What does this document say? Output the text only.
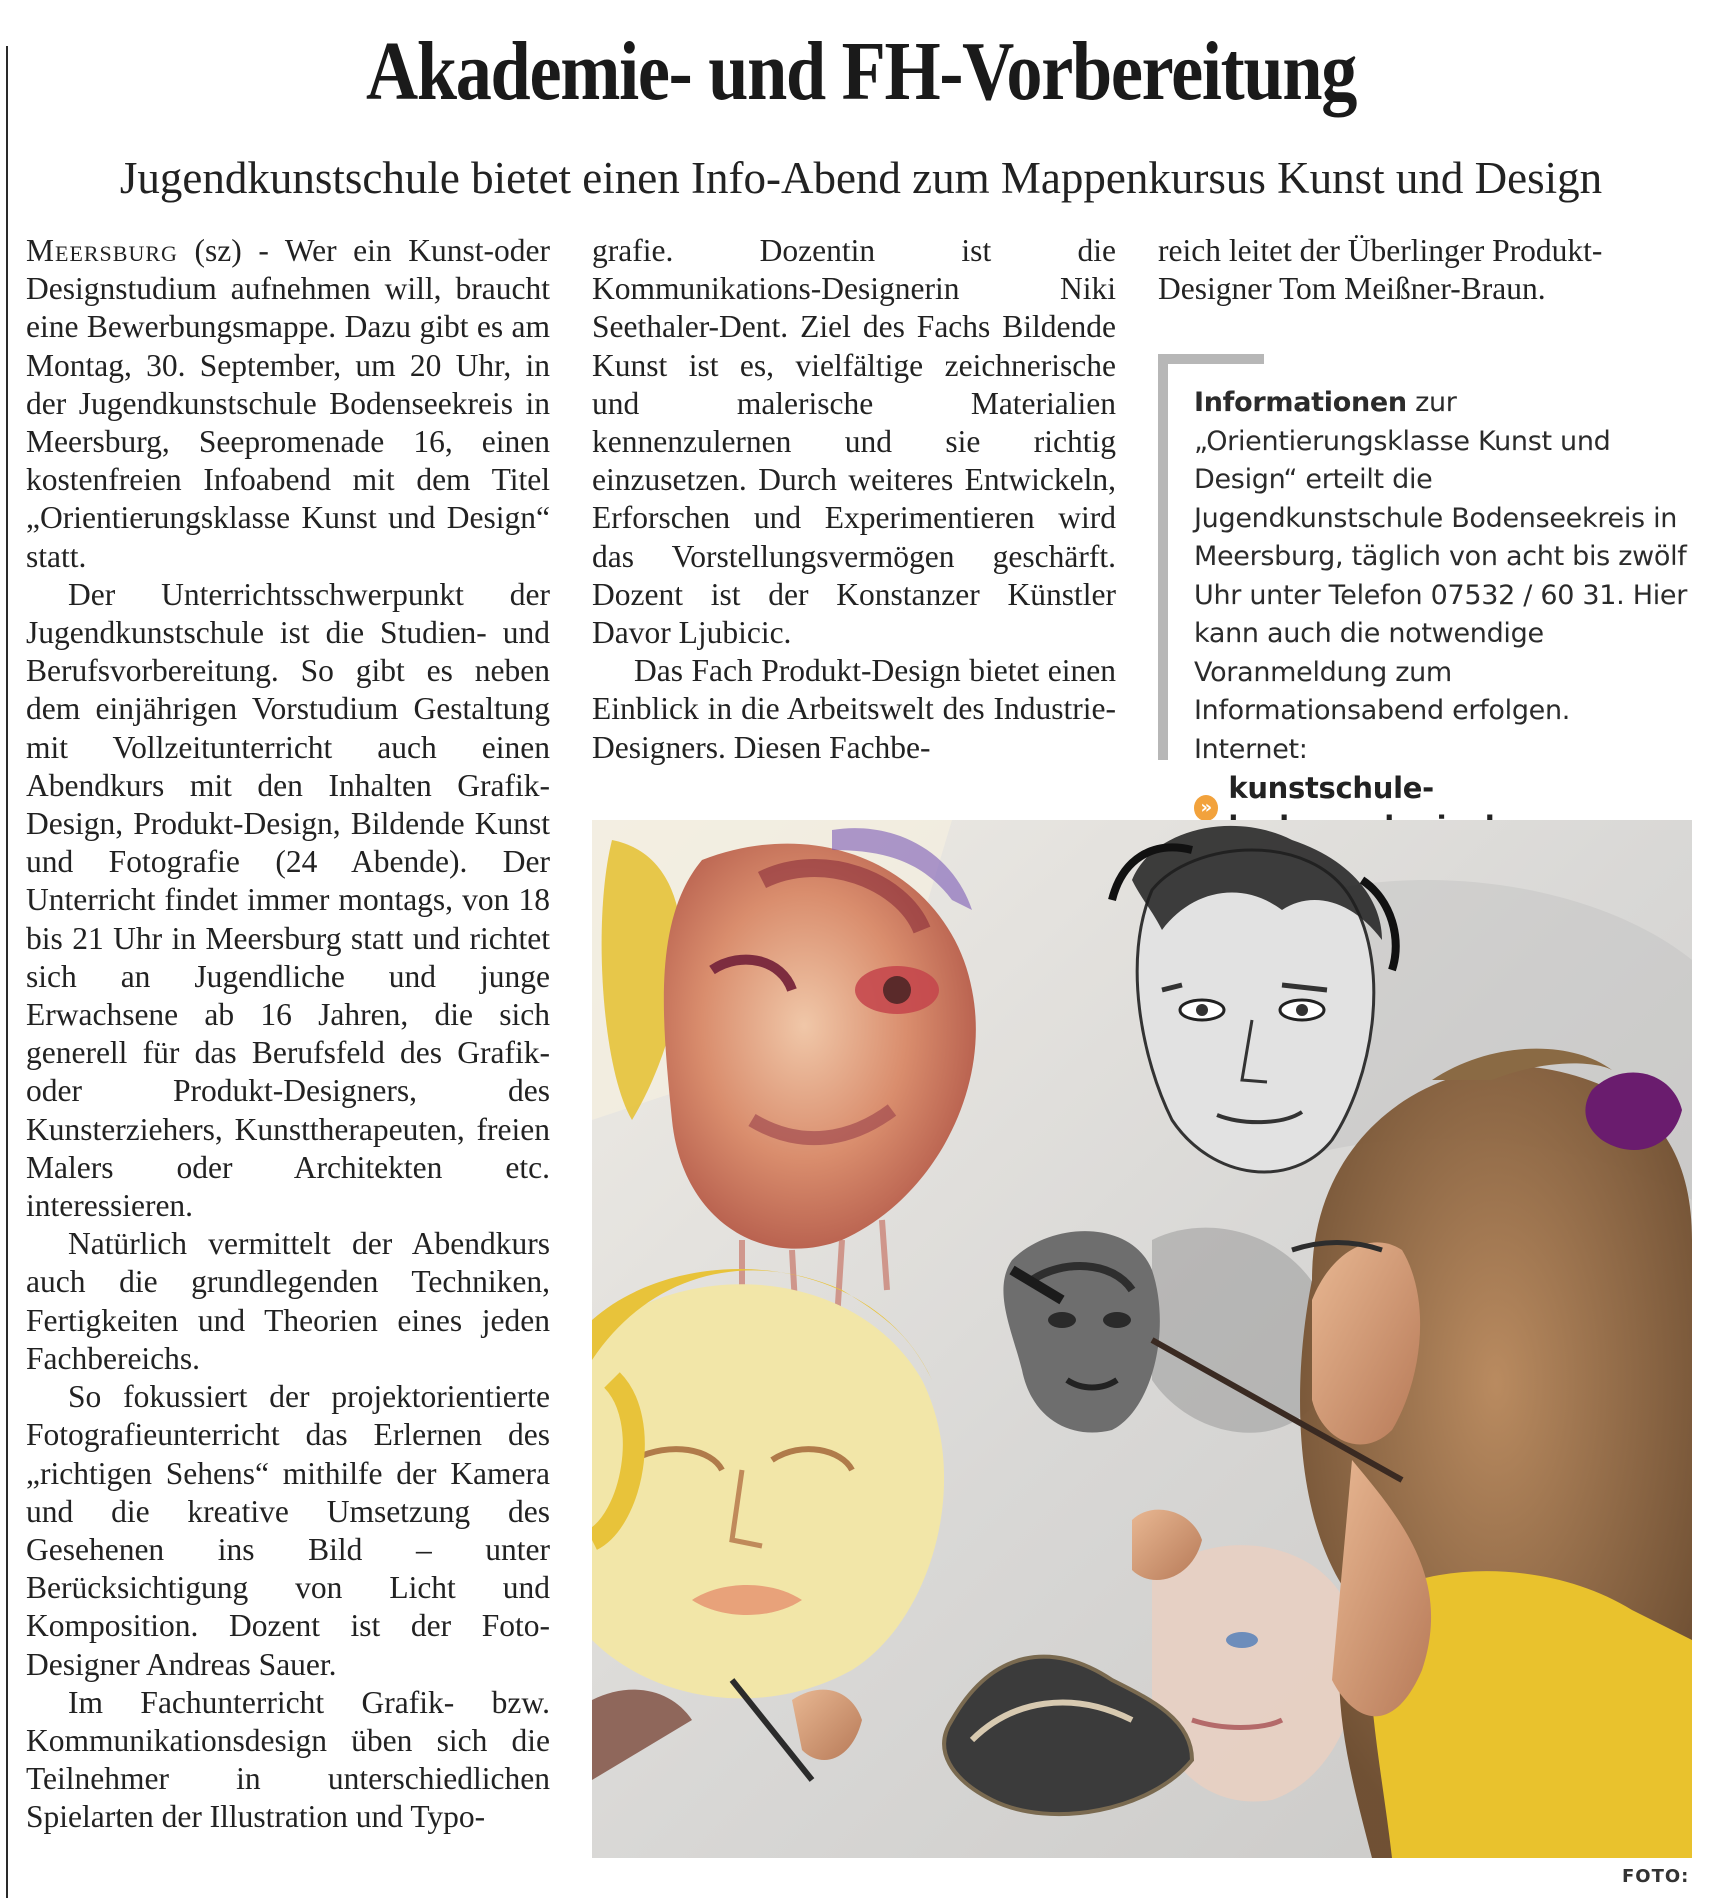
Akademie- und FH-Vorbereitung
Jugendkunstschule bietet einen Info-Abend zum Mappenkursus Kunst und Design

Meersburg (sz) - Wer ein Kunst-oder Designstudium aufnehmen will, braucht eine Bewerbungsmappe. Dazu gibt es am Montag, 30. September, um 20 Uhr, in der Jugendkunstschule Bodenseekreis in Meersburg, Seepromenade 16, einen kostenfreien Infoabend mit dem Titel „Orientierungsklasse Kunst und Design“ statt.

Der Unterrichtsschwerpunkt der Jugendkunstschule ist die Studien- und Berufsvorbereitung. So gibt es neben dem einjährigen Vorstudium Gestaltung mit Vollzeitunterricht auch einen Abendkurs mit den Inhalten Grafik-Design, Produkt-Design, Bildende Kunst und Fotografie (24 Abende). Der Unterricht findet immer montags, von 18 bis 21 Uhr in Meersburg statt und richtet sich an Jugendliche und junge Erwachsene ab 16 Jahren, die sich generell für das Berufsfeld des Grafik- oder Produkt-Designers, des Kunsterziehers, Kunsttherapeuten, freien Malers oder Architekten etc. interessieren.

Natürlich vermittelt der Abendkurs auch die grundlegenden Techniken, Fertigkeiten und Theorien eines jeden Fachbereichs.

So fokussiert der projektorientierte Fotografieunterricht das Erlernen des „richtigen Sehens“ mithilfe der Kamera und die kreative Umsetzung des Gesehenen ins Bild – unter Berücksichtigung von Licht und Komposition. Dozent ist der Foto-Designer Andreas Sauer.

Im Fachunterricht Grafik- bzw. Kommunikationsdesign üben sich die Teilnehmer in unterschiedlichen Spielarten der Illustration und Typo-

grafie. Dozentin ist die Kommunikations-Designerin Niki Seethaler-Dent. Ziel des Fachs Bildende Kunst ist es, vielfältige zeichnerische und malerische Materialien kennenzulernen und sie richtig einzusetzen. Durch weiteres Entwickeln, Erforschen und Experimentieren wird das Vorstellungsvermögen geschärft. Dozent ist der Konstanzer Künstler Davor Ljubicic.

Das Fach Produkt-Design bietet einen Einblick in die Arbeitswelt des Industrie-Designers. Diesen Fachbe-

reich leitet der Überlinger Produkt-Designer Tom Meißner-Braun.

Informationen zur „Orientierungsklasse Kunst und Design“ erteilt die Jugendkunstschule Bodenseekreis in Meersburg, täglich von acht bis zwölf Uhr unter Telefon 07532 / 60 31. Hier kann auch die notwendige Voranmeldung zum Informationsabend erfolgen. Internet:
»
kunstschule-
FOTO:
